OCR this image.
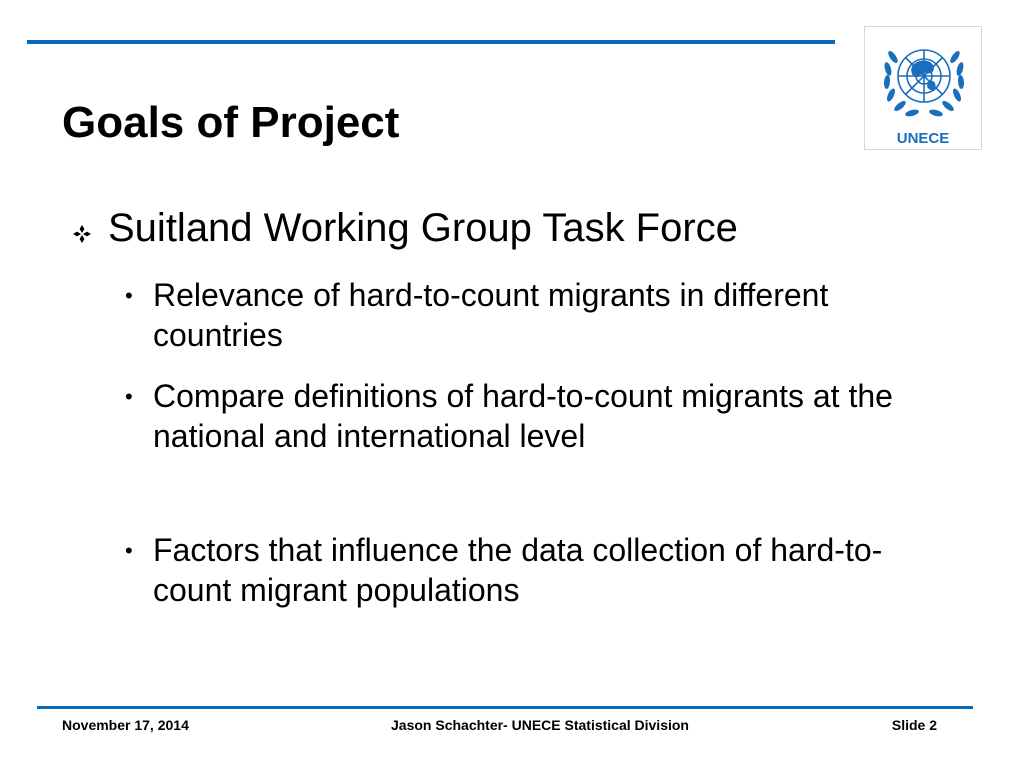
UNECE
Goals of Project
Suitland Working Group Task Force
• Relevance of hard-to-count migrants in different countries
• Compare definitions of hard-to-count migrants at the national and international level
• Factors that influence the data collection of hard-to-count migrant populations
November 17, 2014	Jason Schachter- UNECE Statistical Division	Slide 2
